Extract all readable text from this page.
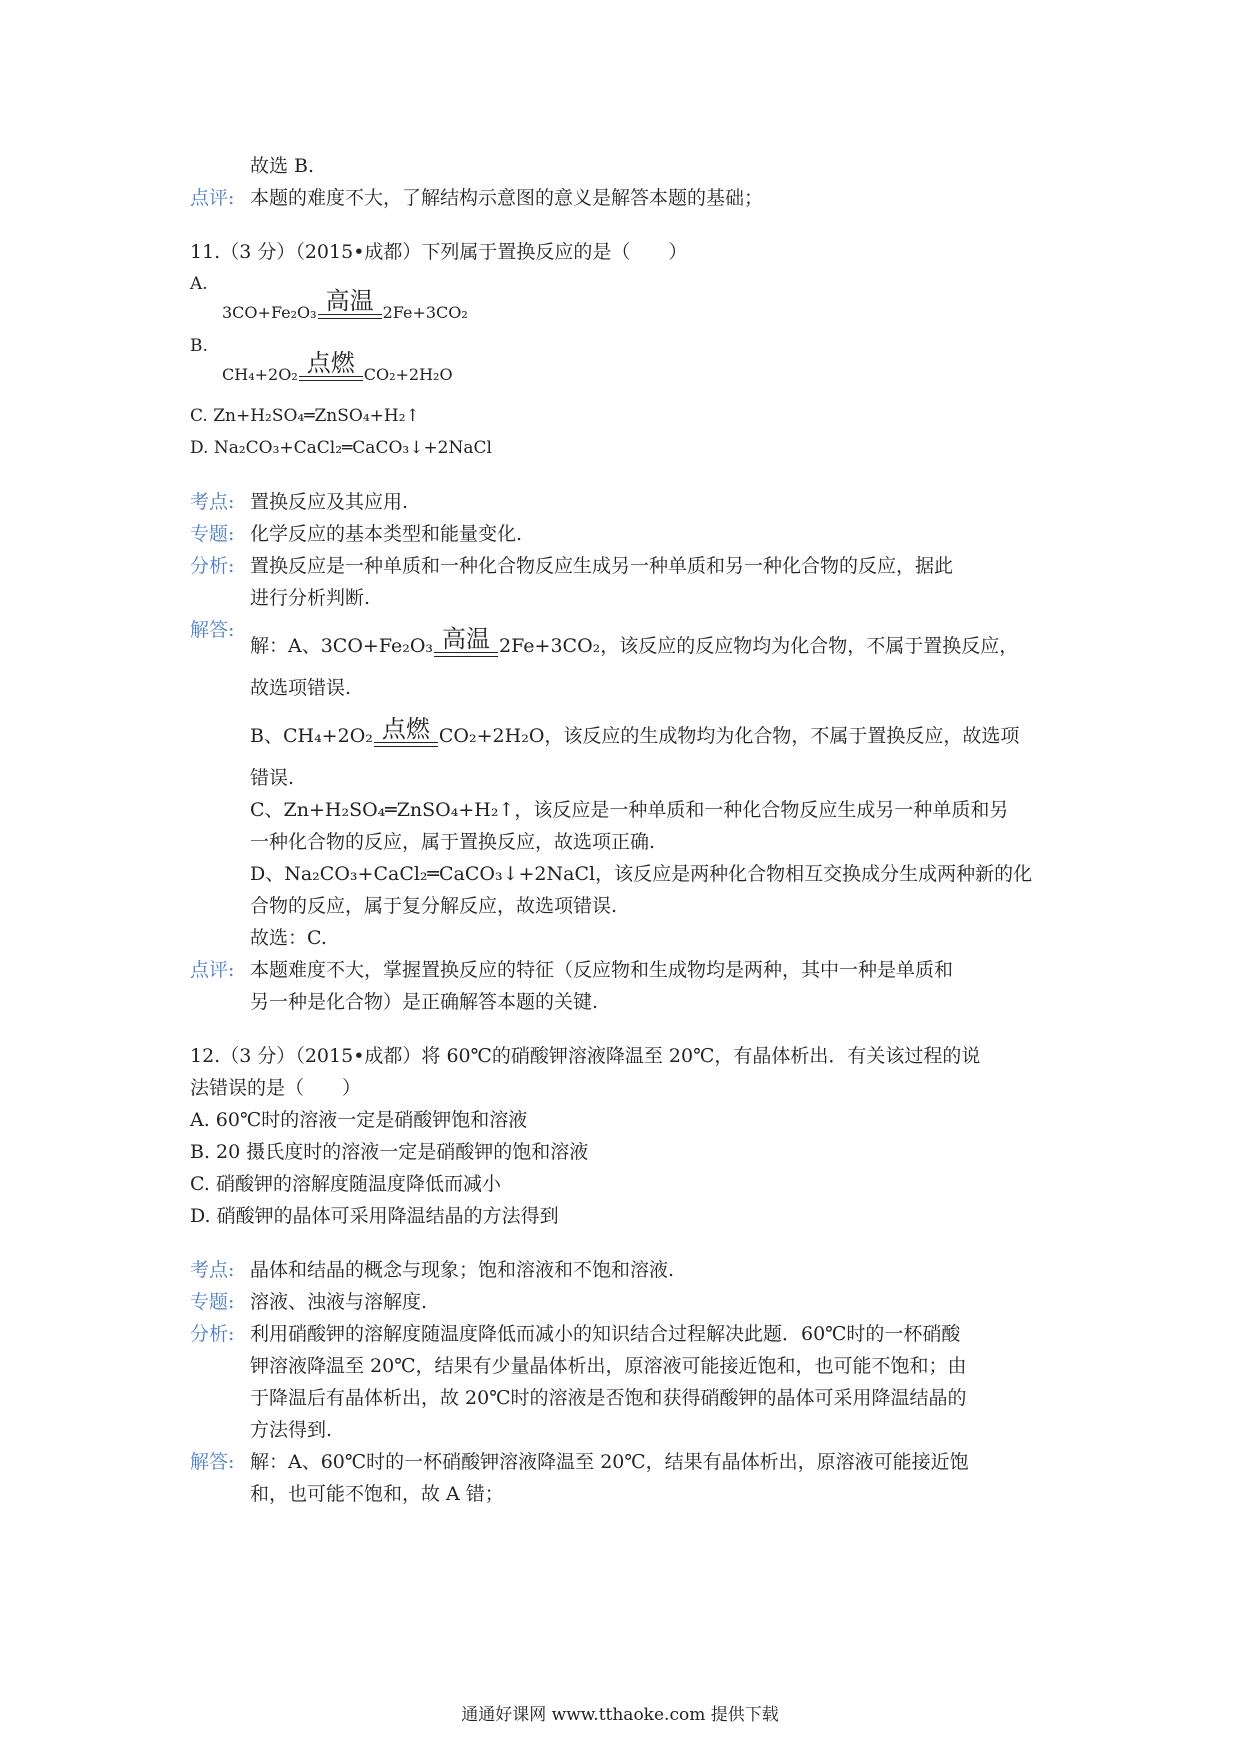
故选 B.
点评: 本题的难度不大，了解结构示意图的意义是解答本题的基础；
11.（3 分）（2015•成都）下列属于置换反应的是（　　）
A.
3CO+Fe₂O₃ 高温 2Fe+3CO₂
B.
CH₄+2O₂ 点燃 CO₂+2H₂O
C. Zn+H₂SO₄═ZnSO₄+H₂↑
D. Na₂CO₃+CaCl₂═CaCO₃↓+2NaCl
考点: 置换反应及其应用.
专题: 化学反应的基本类型和能量变化.
分析: 置换反应是一种单质和一种化合物反应生成另一种单质和另一种化合物的反应，据此
进行分析判断.
解答:
解：A、3CO+Fe₂O₃ 高温 2Fe+3CO₂，该反应的反应物均为化合物，不属于置换反应，
故选项错误.
B、CH₄+2O₂ 点燃 CO₂+2H₂O，该反应的生成物均为化合物，不属于置换反应，故选项
错误.
C、Zn+H₂SO₄═ZnSO₄+H₂↑，该反应是一种单质和一种化合物反应生成另一种单质和另
一种化合物的反应，属于置换反应，故选项正确.
D、Na₂CO₃+CaCl₂═CaCO₃↓+2NaCl，该反应是两种化合物相互交换成分生成两种新的化
合物的反应，属于复分解反应，故选项错误.
故选：C.
点评: 本题难度不大，掌握置换反应的特征（反应物和生成物均是两种，其中一种是单质和
另一种是化合物）是正确解答本题的关键.
12.（3 分）（2015•成都）将 60℃的硝酸钾溶液降温至 20℃，有晶体析出．有关该过程的说
法错误的是（　　）
A. 60℃时的溶液一定是硝酸钾饱和溶液
B. 20 摄氏度时的溶液一定是硝酸钾的饱和溶液
C. 硝酸钾的溶解度随温度降低而减小
D. 硝酸钾的晶体可采用降温结晶的方法得到
考点: 晶体和结晶的概念与现象；饱和溶液和不饱和溶液.
专题: 溶液、浊液与溶解度.
分析: 利用硝酸钾的溶解度随温度降低而减小的知识结合过程解决此题．60℃时的一杯硝酸
钾溶液降温至 20℃，结果有少量晶体析出，原溶液可能接近饱和，也可能不饱和；由
于降温后有晶体析出，故 20℃时的溶液是否饱和获得硝酸钾的晶体可采用降温结晶的
方法得到.
解答: 解：A、60℃时的一杯硝酸钾溶液降温至 20℃，结果有晶体析出，原溶液可能接近饱
和，也可能不饱和，故 A 错；
通通好课网 www.tthaoke.com 提供下载
